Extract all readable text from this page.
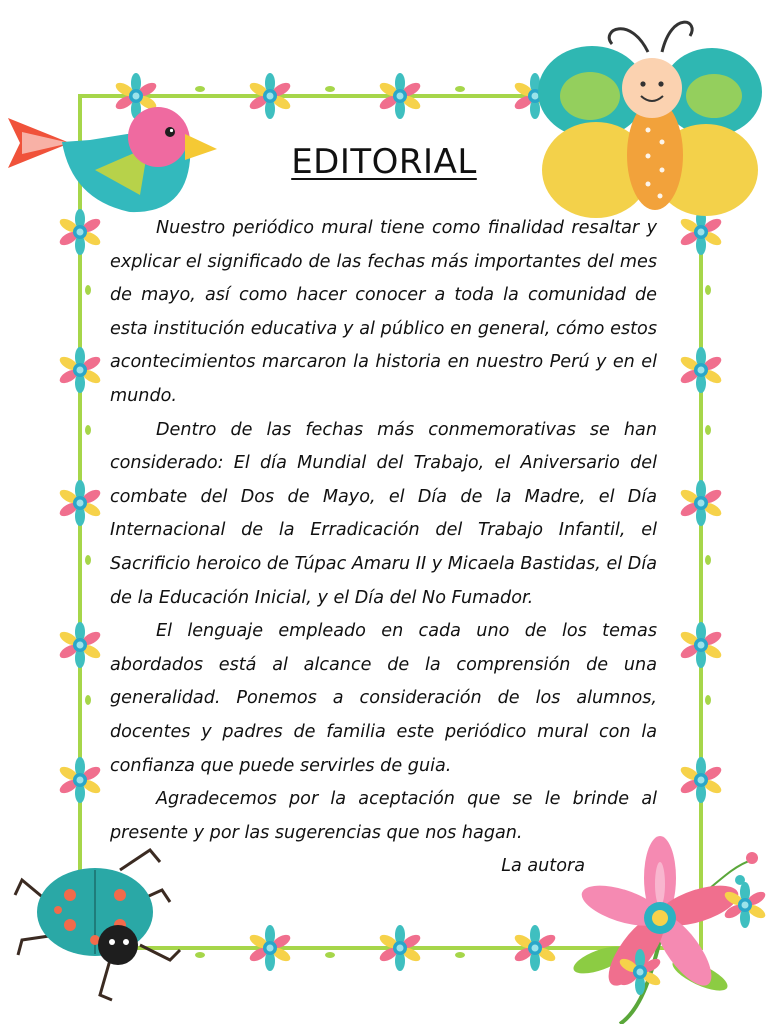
EDITORIAL

Nuestro periódico mural tiene como finalidad resaltar y explicar el significado de las fechas más importantes del mes de mayo, así como hacer conocer a toda la comunidad de esta institución educativa y al público en general, cómo estos acontecimientos marcaron la historia en nuestro Perú y en el mundo.

Dentro de las fechas más conmemorativas se han considerado: El día Mundial del Trabajo, el Aniversario del combate del Dos de Mayo, el Día de la Madre, el Día Internacional de la Erradicación del Trabajo Infantil, el Sacrificio heroico de Túpac Amaru II y Micaela Bastidas, el Día de la Educación Inicial, y el Día del No Fumador.

El lenguaje empleado en cada uno de los temas abordados está al alcance de la comprensión de una generalidad. Ponemos a consideración de los alumnos, docentes y padres de familia este periódico mural con la confianza que puede servirles de guia.

Agradecemos por la aceptación que se le brinde al presente y por las sugerencias que nos hagan.

La autora
